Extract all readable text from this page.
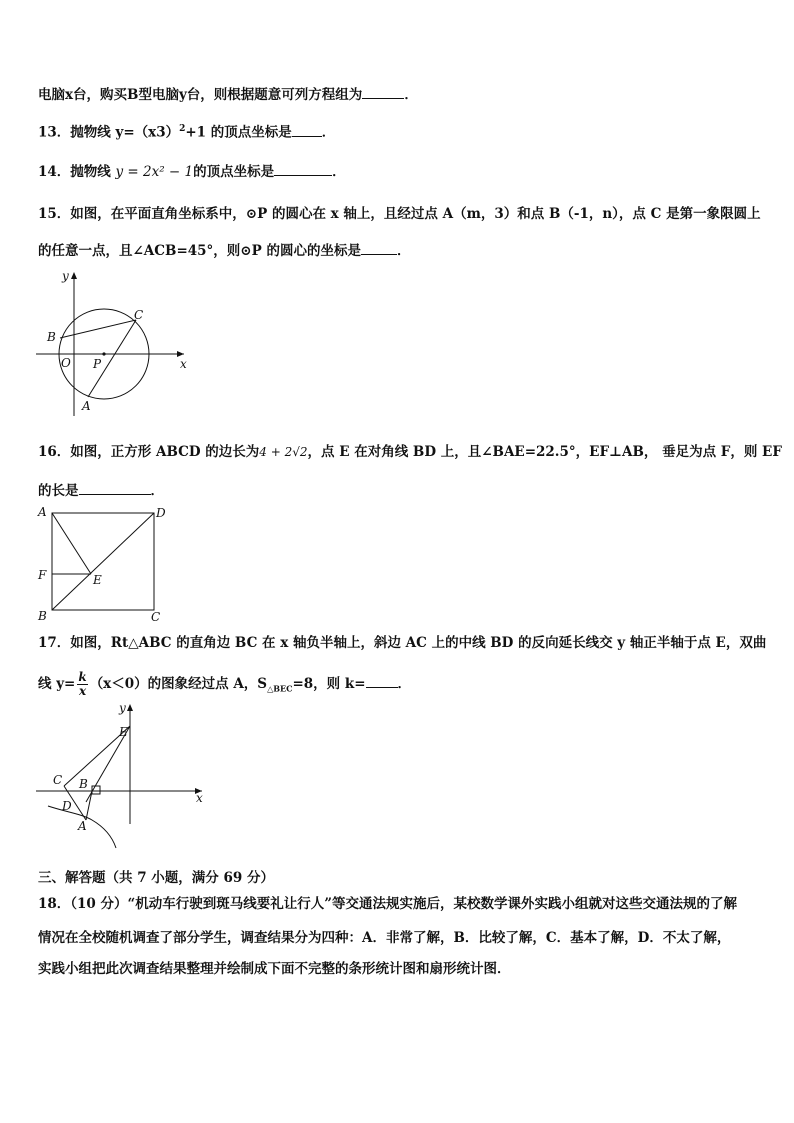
电脑x台，购买B型电脑y台，则根据题意可列方程组为	．
13．抛物线 $y=(x3)^2+1$ 的顶点坐标是 ．
14．抛物线 y = 2x² − 1的顶点坐标是	．
15．如图，在平面直角坐标系中，⊙P 的圆心在 x 轴上，且经过点 A（m，3）和点 B（-1，n），点 C 是第一象限圆上
的任意一点，且∠ACB=45°，则⊙P 的圆心的坐标是	．
y
x
O P
A
B
C
16．如图，正方形 ABCD 的边长为4 + 2√2，点 E 在对角线 BD 上，且∠BAE=22.5°，EF⊥AB， 垂足为点 F，则 EF
的长是	．
A	D
F	E
B	C
17．如图，Rt△ABC 的直角边 BC 在 x 轴负半轴上，斜边 AC 上的中线 BD 的反向延长线交 y 轴正半轴于点 E，双曲
线 $y= \frac{k}{x} (x<0)$的图象经过点 A，$S_{\triangle BEC}=8$，则 k= ．
E
y
x
C B
D
A
三、解答题（共 7 小题，满分 69 分）
18．（10 分）“机动车行驶到斑马线要礼让行人”等交通法规实施后，某校数学课外实践小组就对这些交通法规的了解
情况在全校随机调查了部分学生，调查结果分为四种：A．非常了解，B．比较了解，C．基本了解，D．不太了解，
实践小组把此次调查结果整理并绘制成下面不完整的条形统计图和扇形统计图．
